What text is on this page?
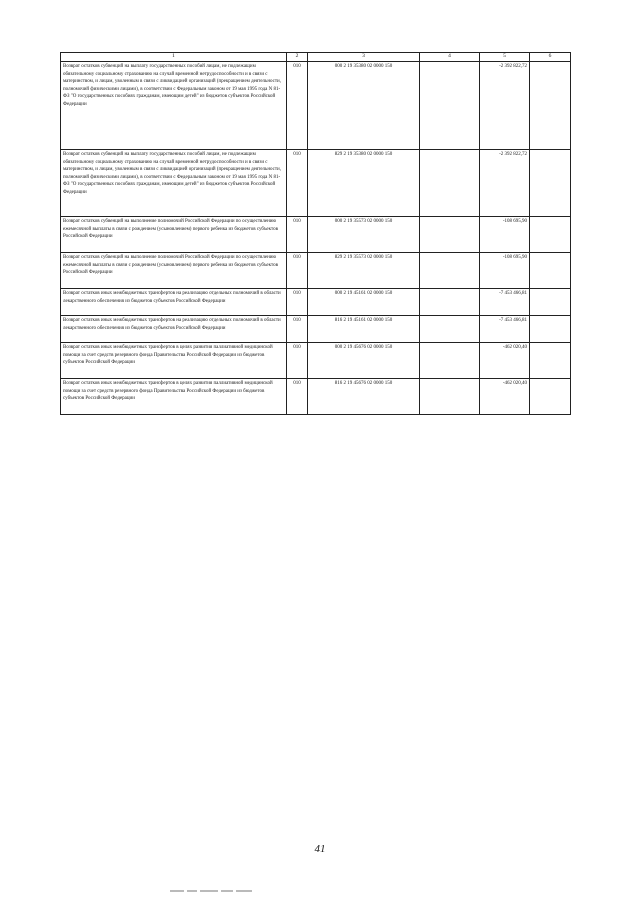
1	2	3	4	5	6
Возврат остатков субвенций на выплату государственных пособий лицам, не подлежащим обязательному социальному страхованию на случай временной нетрудоспособности и в связи с материнством, и лицам, уволенным в связи с ликвидацией организаций (прекращением деятельности, полномочий физическими лицами), в соответствии с Федеральным законом от 19 мая 1995 года N 81-ФЗ "О государственных пособиях гражданам, имеющим детей" из бюджетов субъектов Российской Федерации	010	000 2 19 35380 02 0000 150		-2 392 822,72	
Возврат остатков субвенций на выплату государственных пособий лицам, не подлежащим обязательному социальному страхованию на случай временной нетрудоспособности и в связи с материнством, и лицам, уволенным в связи с ликвидацией организаций (прекращением деятельности, полномочий физическими лицами), в соответствии с Федеральным законом от 19 мая 1995 года N 81-ФЗ "О государственных пособиях гражданам, имеющим детей" из бюджетов субъектов Российской Федерации	010	829 2 19 35380 02 0000 150		-2 392 822,72	
Возврат остатков субвенций на выполнение полномочий Российской Федерации по осуществлению ежемесячной выплаты в связи с рождением (усыновлением) первого ребенка из бюджетов субъектов Российской Федерации	010	000 2 19 35573 02 0000 150		-108 695,90	
Возврат остатков субвенций на выполнение полномочий Российской Федерации по осуществлению ежемесячной выплаты в связи с рождением (усыновлением) первого ребенка из бюджетов субъектов Российской Федерации	010	829 2 19 35573 02 0000 150		-108 695,90	
Возврат остатков иных межбюджетных трансфертов на реализацию отдельных полномочий в области лекарственного обеспечения из бюджетов субъектов Российской Федерации	010	000 2 19 45161 02 0000 150		-7 453 466,81	
Возврат остатков иных межбюджетных трансфертов на реализацию отдельных полномочий в области лекарственного обеспечения из бюджетов субъектов Российской Федерации	010	816 2 19 45161 02 0000 150		-7 453 466,81	
Возврат остатков иных межбюджетных трансфертов в целях развития паллиативной медицинской помощи за счет средств резервного фонда Правительства Российской Федерации из бюджетов субъектов Российской Федерации	010	000 2 19 45676 02 0000 150		-462 020,40	
Возврат остатков иных межбюджетных трансфертов в целях развития паллиативной медицинской помощи за счет средств резервного фонда Правительства Российской Федерации из бюджетов субъектов Российской Федерации	010	816 2 19 45676 02 0000 150		-462 020,40	
41
